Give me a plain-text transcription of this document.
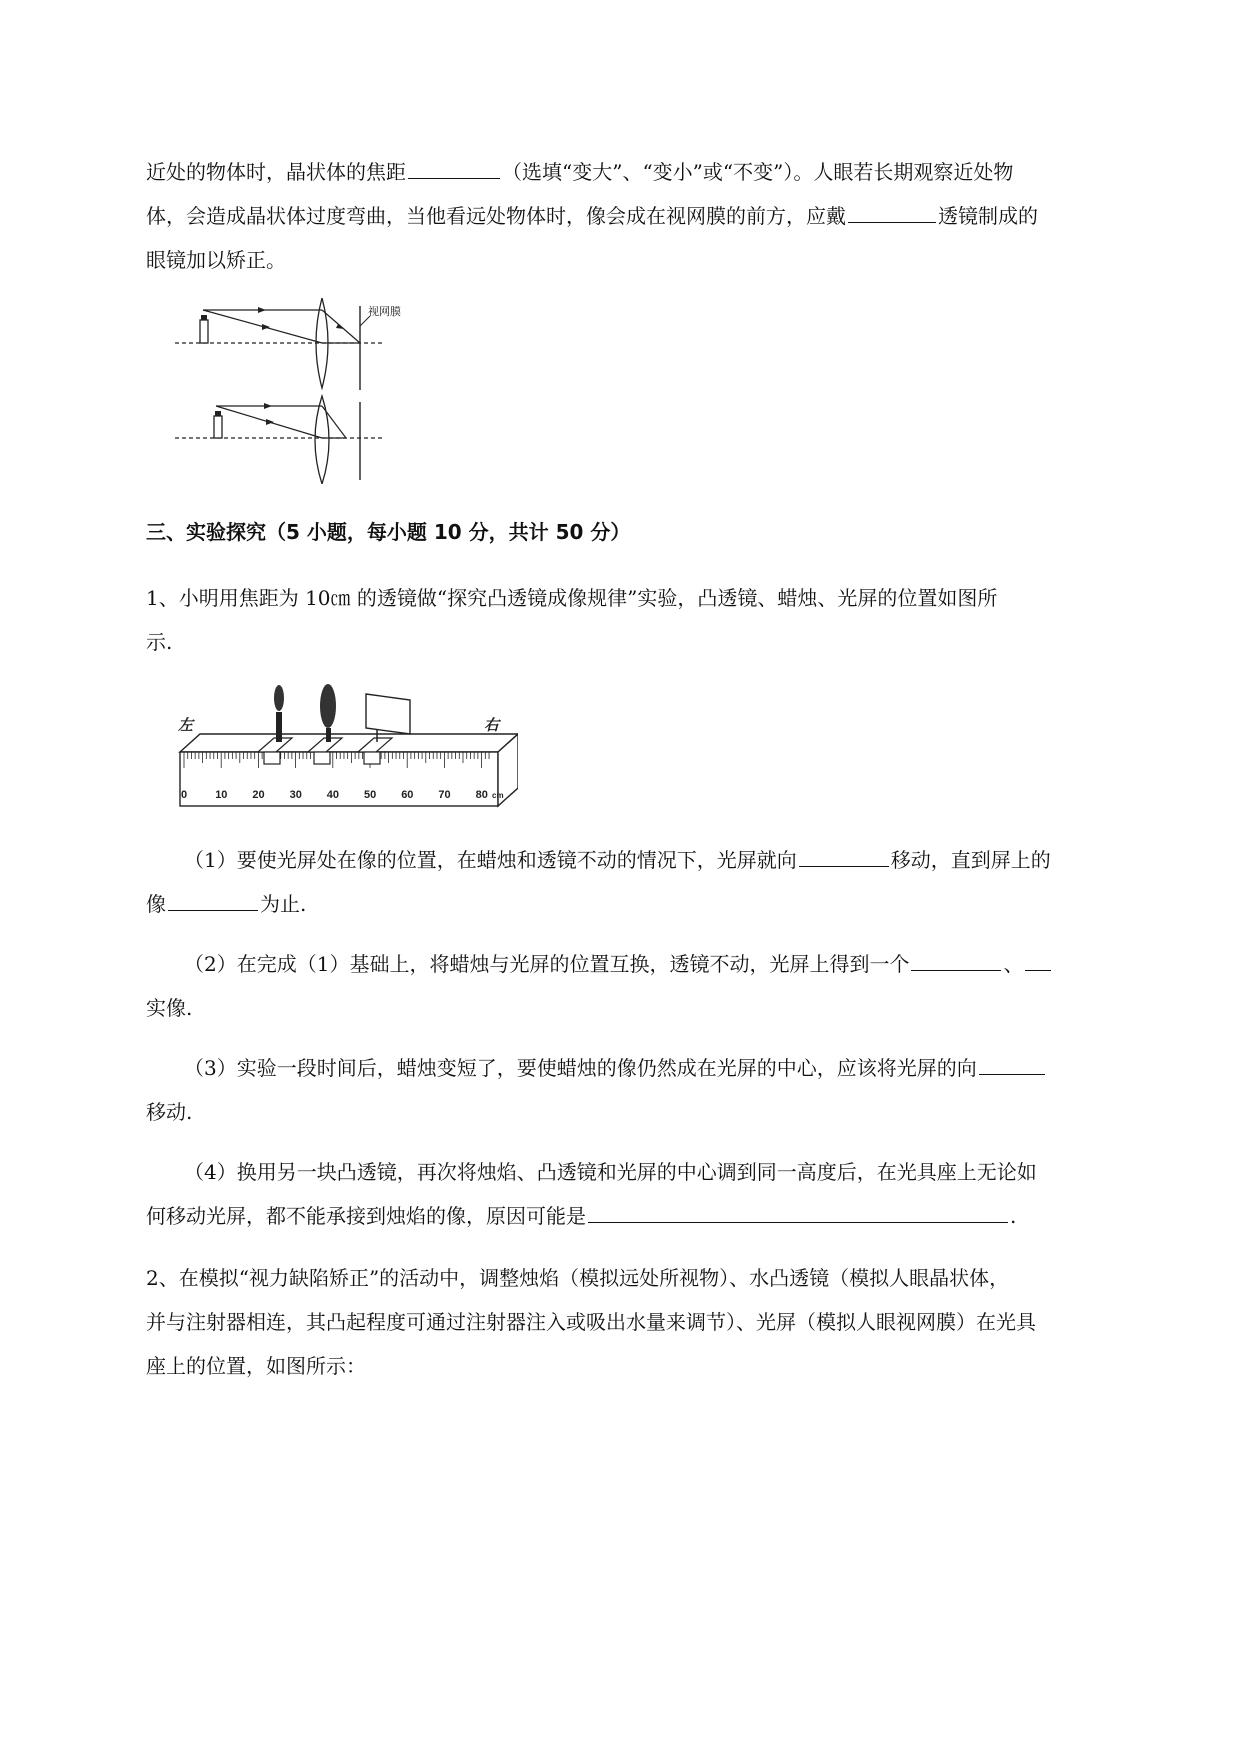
近处的物体时，晶状体的焦距	（选填“变大”、“变小”或“不变”）。人眼若长期观察近处物
体，会造成晶状体过度弯曲，当他看远处物体时，像会成在视网膜的前方，应戴	透镜制成的
眼镜加以矫正。
视网膜
三、实验探究（5 小题，每小题 10 分，共计 50 分）
1、小明用焦距为 10㎝ 的透镜做“探究凸透镜成像规律”实验，凸透镜、蜡烛、光屏的位置如图所
示.
0	10 20 30 40 50 60 70 80 cm
左	右
（1）要使光屏处在像的位置，在蜡烛和透镜不动的情况下，光屏就向	移动，直到屏上的
像	为止.
（2）在完成（1）基础上，将蜡烛与光屏的位置互换，透镜不动，光屏上得到一个	、
实像.
（3）实验一段时间后，蜡烛变短了，要使蜡烛的像仍然成在光屏的中心，应该将光屏的向
移动.
（4）换用另一块凸透镜，再次将烛焰、凸透镜和光屏的中心调到同一高度后，在光具座上无论如
何移动光屏，都不能承接到烛焰的像，原因可能是	.
2、在模拟“视力缺陷矫正”的活动中，调整烛焰（模拟远处所视物）、水凸透镜（模拟人眼晶状体，
并与注射器相连，其凸起程度可通过注射器注入或吸出水量来调节）、光屏（模拟人眼视网膜）在光具
座上的位置，如图所示：
